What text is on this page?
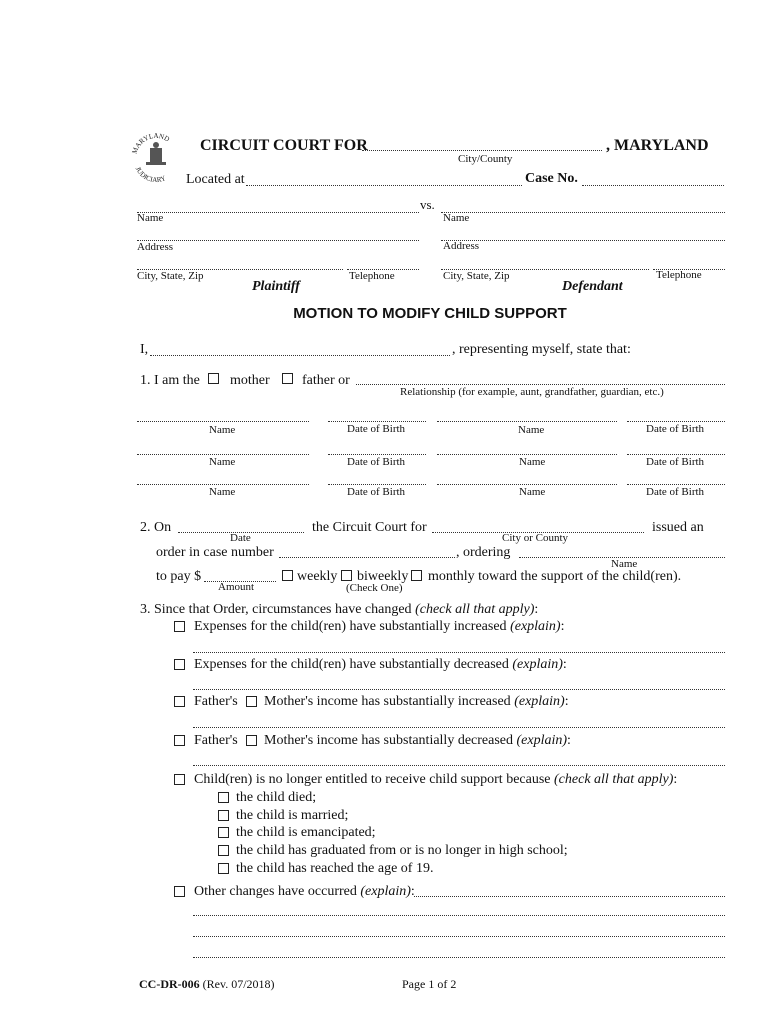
MARYLAND
JUDICIARY
CIRCUIT COURT FOR	, MARYLAND
City/County
Located at	Case No.
vs.
Name	Name
Address	Address
City, State, Zip	Telephone	City, State, Zip	Telephone
Plaintiff	Defendant
MOTION TO MODIFY CHILD SUPPORT
I,	, representing myself, state that:
1. I am the mother father or
Relationship (for example, aunt, grandfather, guardian, etc.)
Name	Date of Birth	Name	Date of Birth
Name	Date of Birth	Name	Date of Birth
Name	Date of Birth	Name	Date of Birth
2. On
Date
the Circuit Court for
City or County
issued an
order in case number	, ordering
Name
to pay $
Amount
weekly biweekly monthly toward the support of the child(ren).
(Check One)
3. Since that Order, circumstances have changed (check all that apply):
Expenses for the child(ren) have substantially increased (explain):
Expenses for the child(ren) have substantially decreased (explain):
Father's Mother's income has substantially increased (explain):
Father's Mother's income has substantially decreased (explain):
Child(ren) is no longer entitled to receive child support because (check all that apply):
the child died;
the child is married;
the child is emancipated;
the child has graduated from or is no longer in high school;
the child has reached the age of 19.
Other changes have occurred (explain):
CC-DR-006 (Rev. 07/2018)	Page 1 of 2
